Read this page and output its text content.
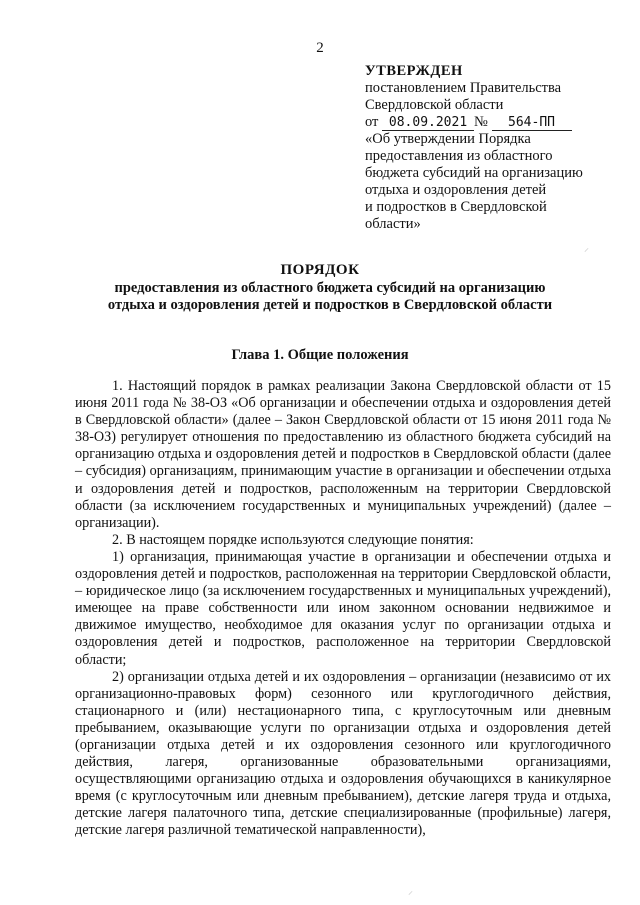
2
УТВЕРЖДЕН
постановлением Правительства
Свердловской области
от 08.09.2021 № 564-ПП
«Об утверждении Порядка
предоставления из областного
бюджета субсидий на организацию
отдыха и оздоровления детей
и подростков в Свердловской
области»
ПОРЯДОК
предоставления из областного бюджета субсидий на организацию отдыха и оздоровления детей и подростков в Свердловской области
Глава 1. Общие положения

1. Настоящий порядок в рамках реализации Закона Свердловской области от 15 июня 2011 года № 38-ОЗ «Об организации и обеспечении отдыха и оздоровления детей в Свердловской области» (далее – Закон Свердловской области от 15 июня 2011 года № 38-ОЗ) регулирует отношения по предоставлению из областного бюджета субсидий на организацию отдыха и оздоровления детей и подростков в Свердловской области (далее – субсидия) организациям, принимающим участие в организации и обеспечении отдыха и оздоровления детей и подростков, расположенным на территории Свердловской области (за исключением государственных и муниципальных учреждений) (далее – организации).

2. В настоящем порядке используются следующие понятия:

1) организация, принимающая участие в организации и обеспечении отдыха и оздоровления детей и подростков, расположенная на территории Свердловской области, – юридическое лицо (за исключением государственных и муниципальных учреждений), имеющее на праве собственности или ином законном основании недвижимое и движимое имущество, необходимое для оказания услуг по организации отдыха и оздоровления детей и подростков, расположенное на территории Свердловской области;

2) организации отдыха детей и их оздоровления – организации (независимо от их организационно-правовых форм) сезонного или круглогодичного действия, стационарного и (или) нестационарного типа, с круглосуточным или дневным пребыванием, оказывающие услуги по организации отдыха и оздоровления детей (организации отдыха детей и их оздоровления сезонного или круглогодичного действия, лагеря, организованные образовательными организациями, осуществляющими организацию отдыха и оздоровления обучающихся в каникулярное время (с круглосуточным или дневным пребыванием), детские лагеря труда и отдыха, детские лагеря палаточного типа, детские специализированные (профильные) лагеря, детские лагеря различной тематической направленности),

⸝
⸝
